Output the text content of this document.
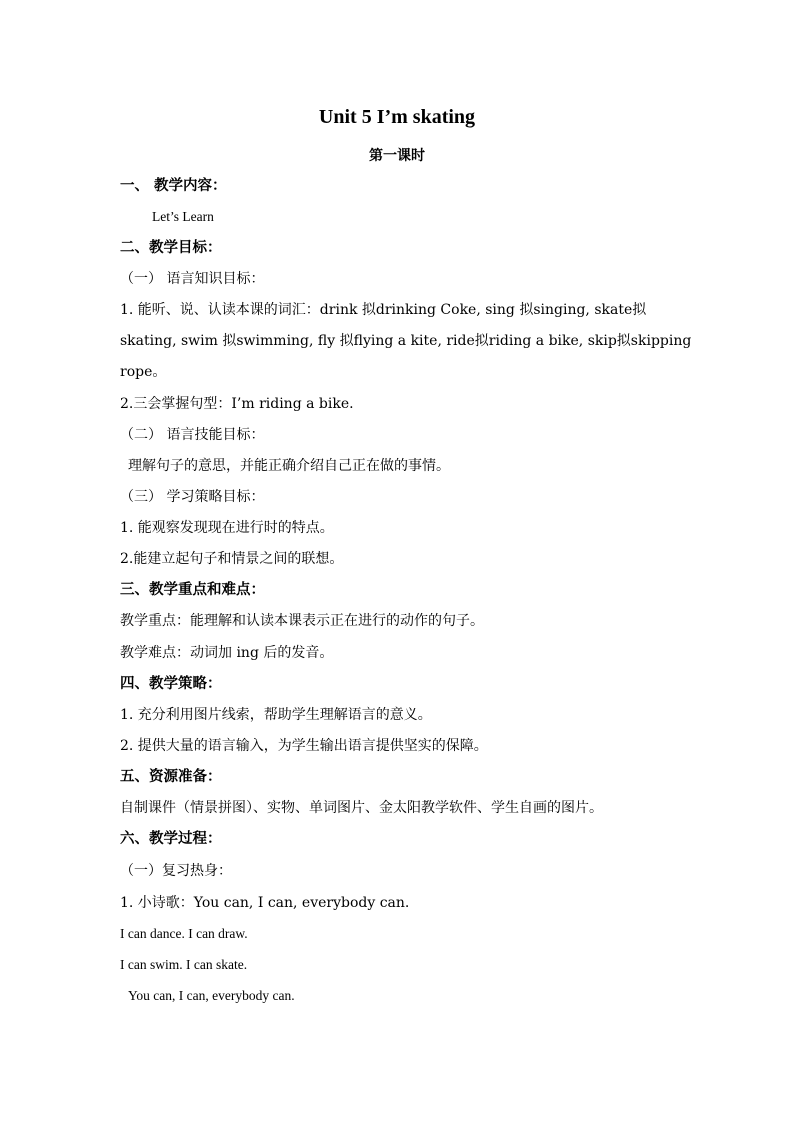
Unit 5 I’m skating
第一课时
一、 教学内容：
Let’s Learn
二、教学目标：
（一） 语言知识目标：
1. 能听、说、认读本课的词汇：drink 拟drinking Coke, sing 拟singing, skate拟
skating, swim 拟swimming, fly 拟flying a kite, ride拟riding a bike, skip拟skipping
rope。
2.三会掌握句型：I’m riding a bike.
（二） 语言技能目标：
理解句子的意思，并能正确介绍自己正在做的事情。
（三） 学习策略目标：
1. 能观察发现现在进行时的特点。
2.能建立起句子和情景之间的联想。
三、教学重点和难点：
教学重点：能理解和认读本课表示正在进行的动作的句子。
教学难点：动词加 ing 后的发音。
四、教学策略：
1. 充分利用图片线索，帮助学生理解语言的意义。
2. 提供大量的语言输入，为学生输出语言提供坚实的保障。
五、资源准备：
自制课件（情景拼图）、实物、单词图片、金太阳教学软件、学生自画的图片。
六、教学过程：
（一）复习热身：
1. 小诗歌：You can, I can, everybody can.
I can dance. I can draw.
I can swim. I can skate.
You can, I can, everybody can.
